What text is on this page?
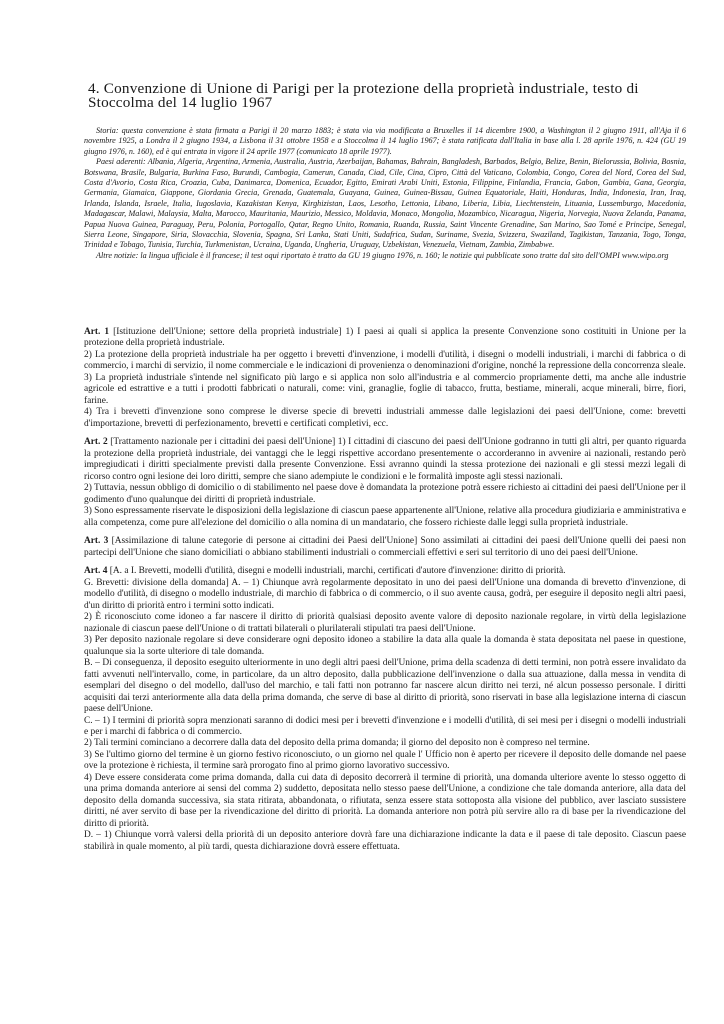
4. Convenzione di Unione di Parigi per la protezione della proprietà industriale, testo di Stoccolma del 14 luglio 1967

Storia: questa convenzione è stata firmata a Parigi il 20 marzo 1883; è stata via via modificata a Bruxelles il 14 dicembre 1900, a Washington il 2 giugno 1911, all'Aja il 6 novembre 1925, a Londra il 2 giugno 1934, a Lisbona il 31 ottobre 1958 e a Stoccolma il 14 luglio 1967; è stata ratificata dall'Italia in base alla l. 28 aprile 1976, n. 424 (GU 19 giugno 1976, n. 160), ed è qui entrata in vigore il 24 aprile 1977 (comunicato 18 aprile 1977).

Paesi aderenti: Albania, Algeria, Argentina, Armenia, Australia, Austria, Azerbaijan, Bahamas, Bahrain, Bangladesh, Barbados, Belgio, Belize, Benin, Bielorussia, Bolivia, Bosnia, Botswana, Brasile, Bulgaria, Burkina Faso, Burundi, Cambogia, Camerun, Canada, Ciad, Cile, Cina, Cipro, Città del Vaticano, Colombia, Congo, Corea del Nord, Corea del Sud, Costa d'Avorio, Costa Rica, Croazia, Cuba, Danimarca, Domenica, Ecuador, Egitto, Emirati Arabi Uniti, Estonia, Filippine, Finlandia, Francia, Gabon, Gambia, Gana, Georgia, Germania, Giamaica, Giappone, Giordania Grecia, Grenada, Guatemala, Guayana, Guinea, Guinea-Bissau, Guinea Equatoriale, Haiti, Honduras, India, Indonesia, Iran, Iraq, Irlanda, Islanda, Israele, Italia, Iugoslavia, Kazakistan Kenya, Kirghizistan, Laos, Lesotho, Lettonia, Libano, Liberia, Libia, Liechtenstein, Lituania, Lussemburgo, Macedonia, Madagascar, Malawi, Malaysia, Malta, Marocco, Mauritania, Maurizio, Messico, Moldavia, Monaco, Mongolia, Mozambico, Nicaragua, Nigeria, Norvegia, Nuova Zelanda, Panama, Papua Nuova Guinea, Paraguay, Peru, Polonia, Portogallo, Qatar, Regno Unito, Romania, Ruanda, Russia, Saint Vincente Grenadine, San Marino, Sao Tomé e Principe, Senegal, Sierra Leone, Singapore, Siria, Slovacchia, Slovenia, Spagna, Sri Lanka, Stati Uniti, Sudafrica, Sudan, Suriname, Svezia, Svizzera, Swaziland, Tagikistan, Tanzania, Togo, Tonga, Trinidad e Tobago, Tunisia, Turchia, Turkmenistan, Ucraina, Uganda, Ungheria, Uruguay, Uzbekistan, Venezuela, Vietnam, Zambia, Zimbabwe.

Altre notizie: la lingua ufficiale è il francese; il test oqui riportato è tratto da GU 19 giugno 1976, n. 160; le notizie qui pubblicate sono tratte dal sito dell'OMPI www.wipo.org

Art. 1 [Istituzione dell'Unione; settore della proprietà industriale] 1) I paesi ai quali si applica la presente Convenzione sono costituiti in Unione per la protezione della proprietà industriale.

2) La protezione della proprietà industriale ha per oggetto i brevetti d'invenzione, i modelli d'utilità, i disegni o modelli industriali, i marchi di fabbrica o di commercio, i marchi di servizio, il nome commerciale e le indicazioni di provenienza o denominazioni d'origine, nonché la repressione della concorrenza sleale.

3) La proprietà industriale s'intende nel significato più largo e si applica non solo all'industria e al commercio propriamente detti, ma anche alle industrie agricole ed estrattive e a tutti i prodotti fabbricati o naturali, come: vini, granaglie, foglie di tabacco, frutta, bestiame, minerali, acque minerali, birre, fiori, farine.

4) Tra i brevetti d'invenzione sono comprese le diverse specie di brevetti industriali ammesse dalle legislazioni dei paesi dell'Unione, come: brevetti d'importazione, brevetti di perfezionamento, brevetti e certificati completivi, ecc.

Art. 2 [Trattamento nazionale per i cittadini dei paesi dell'Unione] 1) I cittadini di ciascuno dei paesi dell'Unione godranno in tutti gli altri, per quanto riguarda la protezione della proprietà industriale, dei vantaggi che le leggi rispettive accordano presentemente o accorderanno in avvenire ai nazionali, restando però impregiudicati i diritti specialmente previsti dalla presente Convenzione. Essi avranno quindi la stessa protezione dei nazionali e gli stessi mezzi legali di ricorso contro ogni lesione dei loro diritti, sempre che siano adempiute le condizioni e le formalità imposte agli stessi nazionali.

2) Tuttavia, nessun obbligo di domicilio o di stabilimento nel paese dove è domandata la protezione potrà essere richiesto ai cittadini dei paesi dell'Unione per il godimento d'uno qualunque dei diritti di proprietà industriale.

3) Sono espressamente riservate le disposizioni della legislazione di ciascun paese appartenente all'Unione, relative alla procedura giudiziaria e amministrativa e alla competenza, come pure all'elezione del domicilio o alla nomina di un mandatario, che fossero richieste dalle leggi sulla proprietà industriale.

Art. 3 [Assimilazione di talune categorie di persone ai cittadini dei Paesi dell'Unione] Sono assimilati ai cittadini dei paesi dell'Unione quelli dei paesi non partecipi dell'Unione che siano domiciliati o abbiano stabilimenti industriali o commerciali effettivi e seri sul territorio di uno dei paesi dell'Unione.

Art. 4 [A. a I. Brevetti, modelli d'utilità, disegni e modelli industriali, marchi, certificati d'autore d'invenzione: diritto di priorità.

G. Brevetti: divisione della domanda] A. – 1) Chiunque avrà regolarmente depositato in uno dei paesi dell'Unione una domanda di brevetto d'invenzione, di modello d'utilità, di disegno o modello industriale, di marchio di fabbrica o di commercio, o il suo avente causa, godrà, per eseguire il deposito negli altri paesi, d'un diritto di priorità entro i termini sotto indicati.

2) È riconosciuto come idoneo a far nascere il diritto di priorità qualsiasi deposito avente valore di deposito nazionale regolare, in virtù della legislazione nazionale di ciascun paese dell'Unione o di trattati bilaterali o plurilaterali stipulati tra paesi dell'Unione.

3) Per deposito nazionale regolare si deve considerare ogni deposito idoneo a stabilire la data alla quale la domanda è stata depositata nel paese in questione, qualunque sia la sorte ulteriore di tale domanda.

B. – Di conseguenza, il deposito eseguito ulteriormente in uno degli altri paesi dell'Unione, prima della scadenza di detti termini, non potrà essere invalidato da fatti avvenuti nell'intervallo, come, in particolare, da un altro deposito, dalla pubblicazione dell'invenzione o dalla sua attuazione, dalla messa in vendita di esemplari del disegno o del modello, dall'uso del marchio, e tali fatti non potranno far nascere alcun diritto nei terzi, né alcun possesso personale. I diritti acquisiti dai terzi anteriormente alla data della prima domanda, che serve di base al diritto di priorità, sono riservati in base alla legislazione interna di ciascun paese dell'Unione.

C. – 1) I termini di priorità sopra menzionati saranno di dodici mesi per i brevetti d'invenzione e i modelli d'utilità, di sei mesi per i disegni o modelli industriali e per i marchi di fabbrica o di commercio.

2) Tali termini cominciano a decorrere dalla data del deposito della prima domanda; il giorno del deposito non è compreso nel termine.

3) Se l'ultimo giorno del termine è un giorno festivo riconosciuto, o un giorno nel quale l' Ufficio non è aperto per ricevere il deposito delle domande nel paese ove la protezione è richiesta, il termine sarà prorogato fino al primo giorno lavorativo successivo.

4) Deve essere considerata come prima domanda, dalla cui data di deposito decorrerà il termine di priorità, una domanda ulteriore avente lo stesso oggetto di una prima domanda anteriore ai sensi del comma 2) suddetto, depositata nello stesso paese dell'Unione, a condizione che tale domanda anteriore, alla data del deposito della domanda successiva, sia stata ritirata, abbandonata, o rifiutata, senza essere stata sottoposta alla visione del pubblico, aver lasciato sussistere diritti, né aver servito di base per la rivendicazione del diritto di priorità. La domanda anteriore non potrà più servire allo ra di base per la rivendicazione del diritto di priorità.

D. – 1) Chiunque vorrà valersi della priorità di un deposito anteriore dovrà fare una dichiarazione indicante la data e il paese di tale deposito. Ciascun paese stabilirà in quale momento, al più tardi, questa dichiarazione dovrà essere effettuata.
